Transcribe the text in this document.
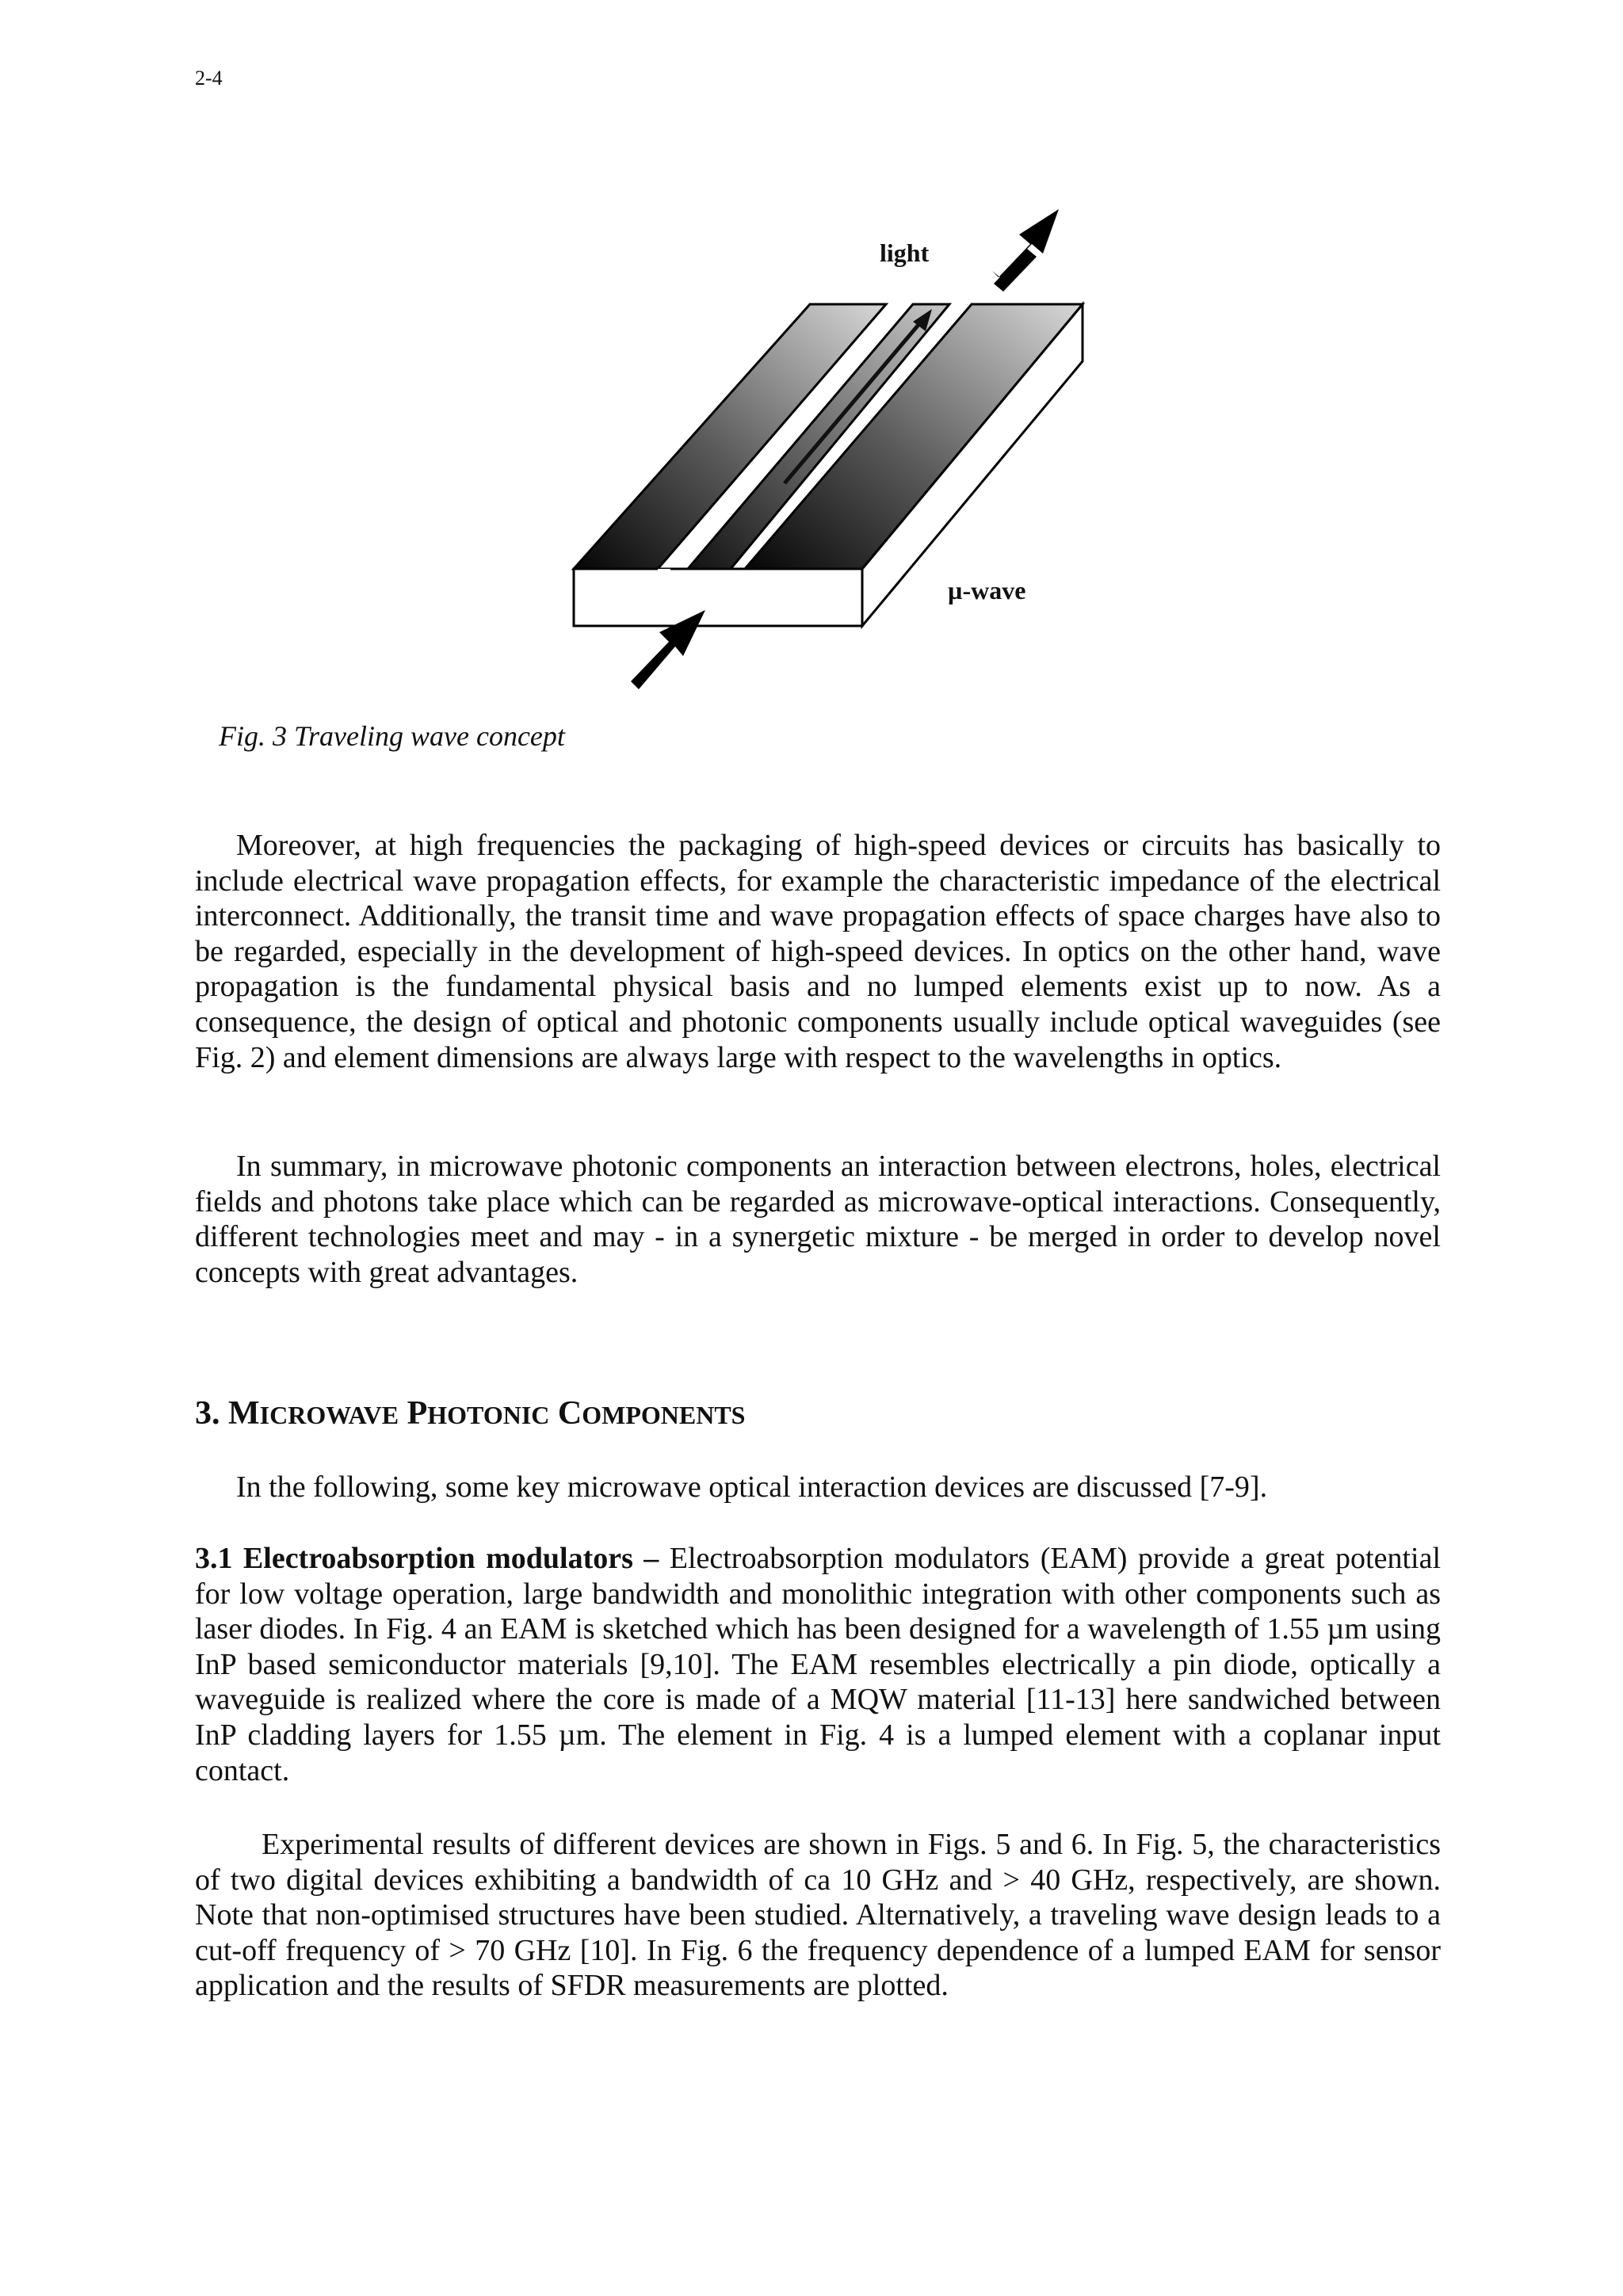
2-4
light
µ-wave
Fig. 3 Traveling wave concept

Moreover, at high frequencies the packaging of high-speed devices or circuits has basically to include electrical wave propagation effects, for example the characteristic impedance of the electrical interconnect. Additionally, the transit time and wave propagation effects of space charges have also to be regarded, especially in the development of high-speed devices. In optics on the other hand, wave propagation is the fundamental physical basis and no lumped elements exist up to now. As a consequence, the design of optical and photonic components usually include optical waveguides (see Fig. 2) and element dimensions are always large with respect to the wavelengths in optics.

In summary, in microwave photonic components an interaction between electrons, holes, electrical fields and photons take place which can be regarded as microwave-optical interactions. Consequently, different technologies meet and may - in a synergetic mixture - be merged in order to develop novel concepts with great advantages.

3. MICROWAVE PHOTONIC COMPONENTS

In the following, some key microwave optical interaction devices are discussed [7-9].

3.1 Electroabsorption modulators – Electroabsorption modulators (EAM) provide a great potential for low voltage operation, large bandwidth and monolithic integration with other components such as laser diodes. In Fig. 4 an EAM is sketched which has been designed for a wavelength of 1.55 µm using InP based semiconductor materials [9,10]. The EAM resembles electrically a pin diode, optically a waveguide is realized where the core is made of a MQW material [11-13] here sandwiched between InP cladding layers for 1.55 µm. The element in Fig. 4 is a lumped element with a coplanar input contact.

Experimental results of different devices are shown in Figs. 5 and 6. In Fig. 5, the characteristics of two digital devices exhibiting a bandwidth of ca 10 GHz and > 40 GHz, respectively, are shown. Note that non-optimised structures have been studied. Alternatively, a traveling wave design leads to a cut-off frequency of > 70 GHz [10]. In Fig. 6 the frequency dependence of a lumped EAM for sensor application and the results of SFDR measurements are plotted.
